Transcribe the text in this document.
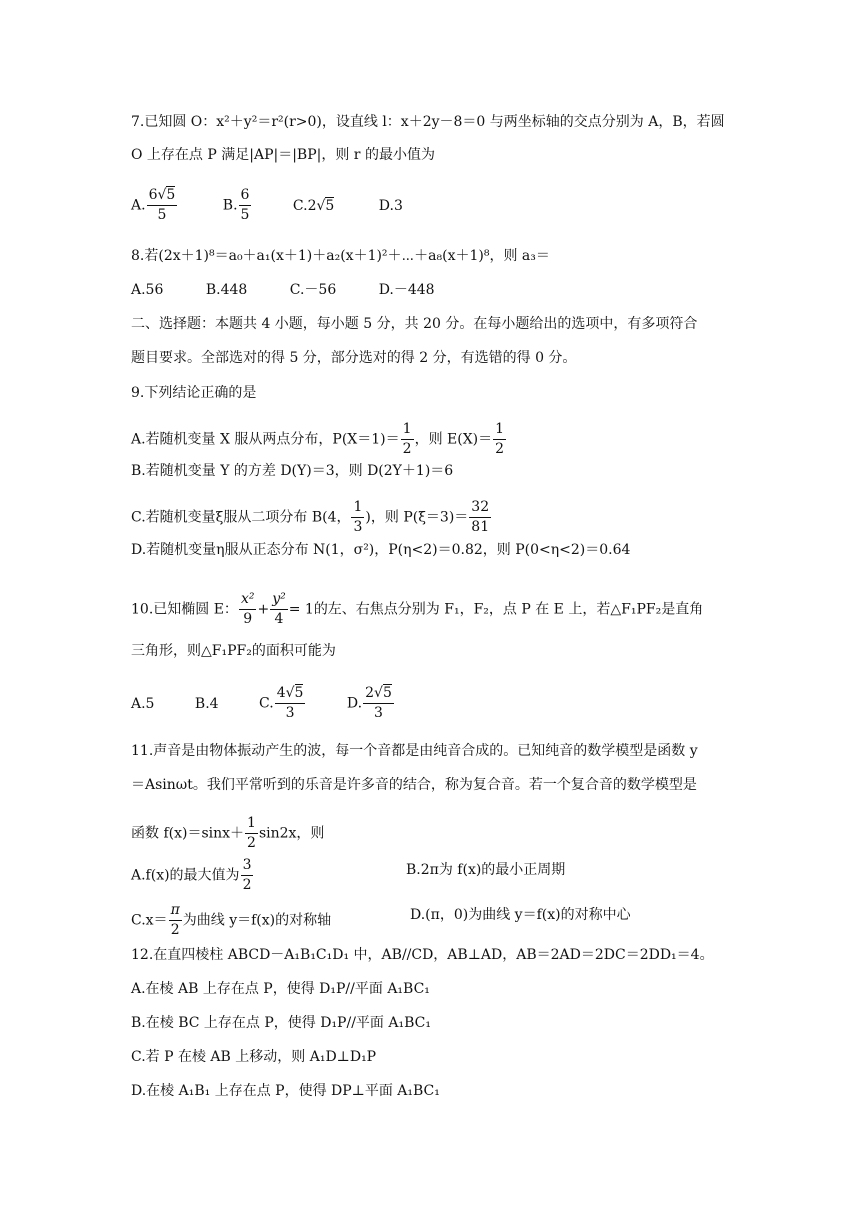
7.已知圆 O：x²＋y²＝r²(r>0)，设直线 l：x＋2y－8＝0 与两坐标轴的交点分别为 A，B，若圆
O 上存在点 P 满足|AP|＝|BP|，则 r 的最小值为
A. $\frac{6 √ 5}{5}$	B. $\frac{6}{5}$	C.2 √ 5	D.3
8.若(2x＋1)⁸＝a₀＋a₁(x＋1)＋a₂(x＋1)²＋⋯＋a₈(x＋1)⁸，则 a₃＝
A.56	B.448	C.－56	D.－448
二、选择题：本题共 4 小题，每小题 5 分，共 20 分。在每小题给出的选项中，有多项符合
题目要求。全部选对的得 5 分，部分选对的得 2 分，有选错的得 0 分。
9.下列结论正确的是
A.若随机变量 X 服从两点分布，$P(X=1)= \frac{1}{2}$ ，则 $E(X)= \frac{1}{2}$
B.若随机变量 Y 的方差 D(Y)＝3，则 D(2Y＋1)＝6
C.若随机变量ξ服从二项分布 B(4， $\frac{1}{3}$ )，则 $P(\xi=3)= \frac{32}{81}$
D.若随机变量η服从正态分布 N(1，σ²)，P(η<2)＝0.82，则 P(0<η<2)＝0.64
10.已知椭圆 E： $\frac{\text{x²}}{9} + \frac{\text{y²}}{4} = 1$的左、右焦点分别为 F₁，F₂，点 P 在 E 上，若△F₁PF₂是直角
三角形，则△F₁PF₂的面积可能为
A.5	B.4	C. $\frac{4 √ 5}{3}$	D. $\frac{2 √ 5}{3}$
11.声音是由物体振动产生的波，每一个音都是由纯音合成的。已知纯音的数学模型是函数 y
＝Asinωt。我们平常听到的乐音是许多音的结合，称为复合音。若一个复合音的数学模型是
函数 $f(x)=\sin x+ \frac{1}{2} \sin 2x$，则
A.f(x)的最大值为 $\frac{3}{2}$	B.2π为 f(x)的最小正周期
$C.x= \frac{\pi}{2}$ 为曲线 y＝f(x)的对称轴	D.(π，0)为曲线 y＝f(x)的对称中心
12.在直四棱柱 ABCD－A₁B₁C₁D₁ 中，AB//CD，AB⊥AD，AB＝2AD＝2DC＝2DD₁＝4。
A.在棱 AB 上存在点 P，使得 D₁P//平面 A₁BC₁
B.在棱 BC 上存在点 P，使得 D₁P//平面 A₁BC₁
C.若 P 在棱 AB 上移动，则 A₁D⊥D₁P
D.在棱 A₁B₁ 上存在点 P，使得 DP⊥平面 A₁BC₁
